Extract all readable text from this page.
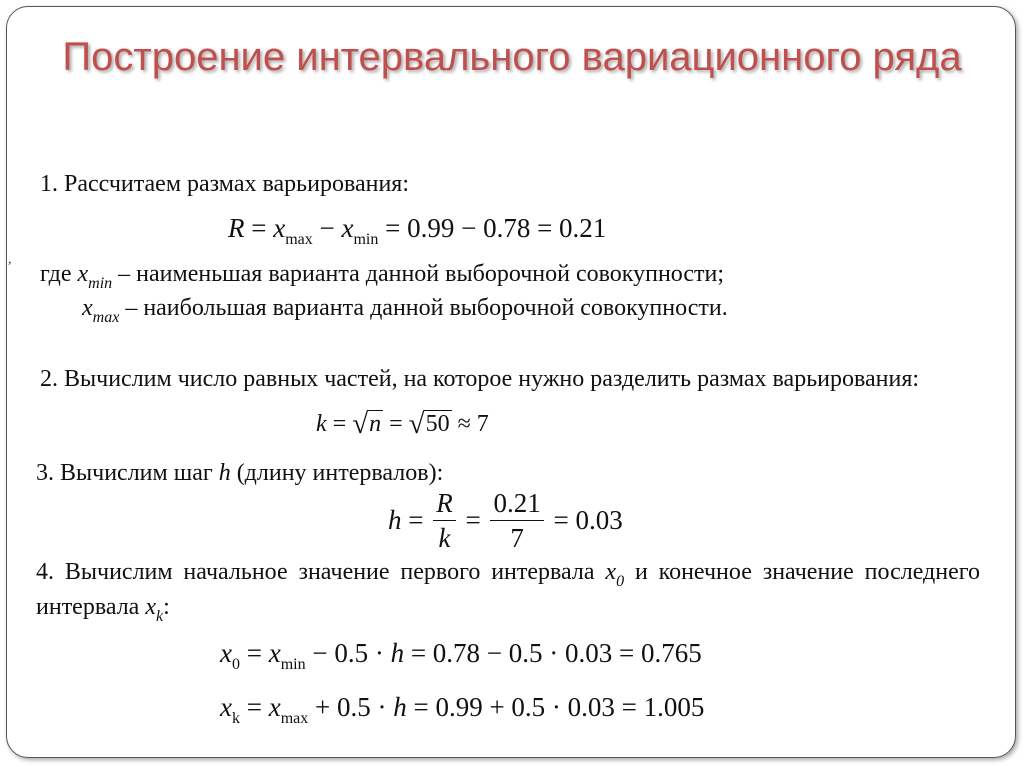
Построение интервального вариационного ряда
1. Рассчитаем размах варьирования:
$R = x_{max} - x_{min} = 0.99 - 0.78 = 0.21$
где $x_{min}$ – наименьшая варианта данной выборочной совокупности;
$x_{max}$ – наибольшая варианта данной выборочной совокупности.
,
2. Вычислим число равных частей, на которое нужно разделить размах варьирования:
k = √n = √50 ≈ 7
3. Вычислим шаг h (длину интервалов):
$h = \frac{R}{k} = \frac{0.21}{7} = 0.03$
4. Вычислим начальное значение первого интервала $x_0$ и конечное значение последнего интервала $x_k$:
$x_0 = x_{min} - 0.5 \cdot h = 0.78 - 0.5 \cdot 0.03 = 0.765$
$x_k = x_{max} + 0.5 \cdot h = 0.99 + 0.5 \cdot 0.03 = 1.005$
